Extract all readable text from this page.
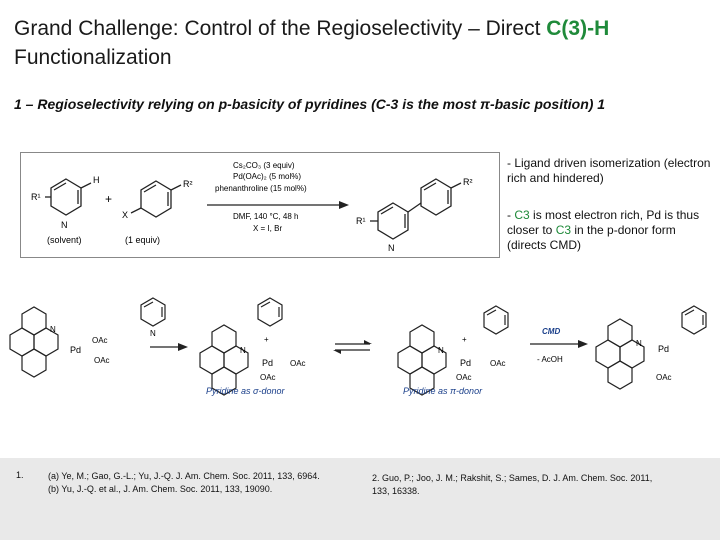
Grand Challenge: Control of the Regioselectivity – Direct C(3)-H
Functionalization
1 – Regioselectivity relying on p-basicity of pyridines (C-3 is the most π-basic position) 1
N
H
R¹
(solvent)
+
R²
X
(1 equiv)
Cs₂CO₃ (3 equiv)
Pd(OAc)₂ (5 mol%)
phenanthroline (15 mol%)
DMF, 140 °C, 48 h
X = I, Br
R²
R¹
N

- Ligand driven isomerization (electron rich and hindered)

- C3 is most electron rich, Pd is thus closer to C3 in the p-donor form (directs CMD)

N
Pd
OAc
OAc
N
N
+
Pd OAc
OAc
Pyridine as σ-donor
N
+
Pd OAc
OAc
Pyridine as π-donor
CMD
- AcOH
N
Pd
OAc
1.	(a) Ye, M.; Gao, G.-L.; Yu, J.-Q. J. Am. Chem. Soc. 2011, 133, 6964.
(b) Yu, J.-Q. et al., J. Am. Chem. Soc. 2011, 133, 19090.
2. Guo, P.; Joo, J. M.; Rakshit, S.; Sames, D. J. Am. Chem. Soc. 2011,
133, 16338.
